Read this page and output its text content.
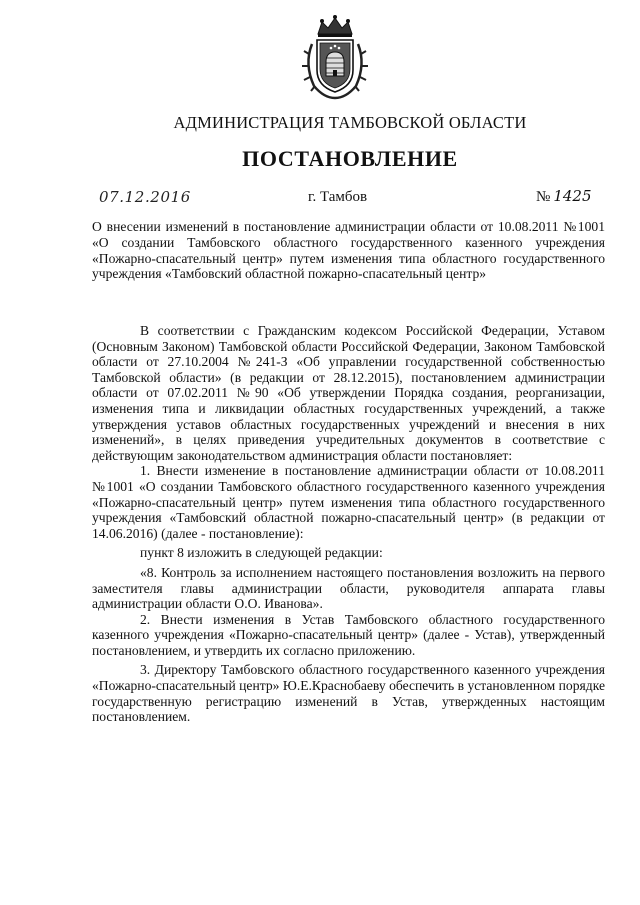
АДМИНИСТРАЦИЯ ТАМБОВСКОЙ ОБЛАСТИ
ПОСТАНОВЛЕНИЕ
07.12.2016	г. Тамбов	№ 1425
О внесении изменений в постановление администрации области от 10.08.2011 №1001 «О создании Тамбовского областного государственного казенного учреждения «Пожарно-спасательный центр» путем изменения типа областного государственного учреждения «Тамбовский областной пожарно-спасательный центр»

В соответствии с Гражданским кодексом Российской Федерации, Уставом (Основным Законом) Тамбовской области Российской Федерации, Законом Тамбовской области от 27.10.2004 №241-З «Об управлении государственной собственностью Тамбовской области» (в редакции от 28.12.2015), постановлением администрации области от 07.02.2011 №90 «Об утверждении Порядка создания, реорганизации, изменения типа и ликвидации областных государственных учреждений, а также утверждения уставов областных государственных учреждений и внесения в них изменений», в целях приведения учредительных документов в соответствие с действующим законодательством администрация области постановляет:

1. Внести изменение в постановление администрации области от 10.08.2011 №1001 «О создании Тамбовского областного государственного казенного учреждения «Пожарно-спасательный центр» путем изменения типа областного государственного учреждения «Тамбовский областной пожарно-спасательный центр» (в редакции от 14.06.2016) (далее - постановление):

пункт 8 изложить в следующей редакции:

«8. Контроль за исполнением настоящего постановления возложить на первого заместителя главы администрации области, руководителя аппарата главы администрации области О.О. Иванова».

2. Внести изменения в Устав Тамбовского областного государственного казенного учреждения «Пожарно-спасательный центр» (далее - Устав), утвержденный постановлением, и утвердить их согласно приложению.

3. Директору Тамбовского областного государственного казенного учреждения «Пожарно-спасательный центр» Ю.Е.Краснобаеву обеспечить в установленном порядке государственную регистрацию изменений в Устав, утвержденных настоящим постановлением.
